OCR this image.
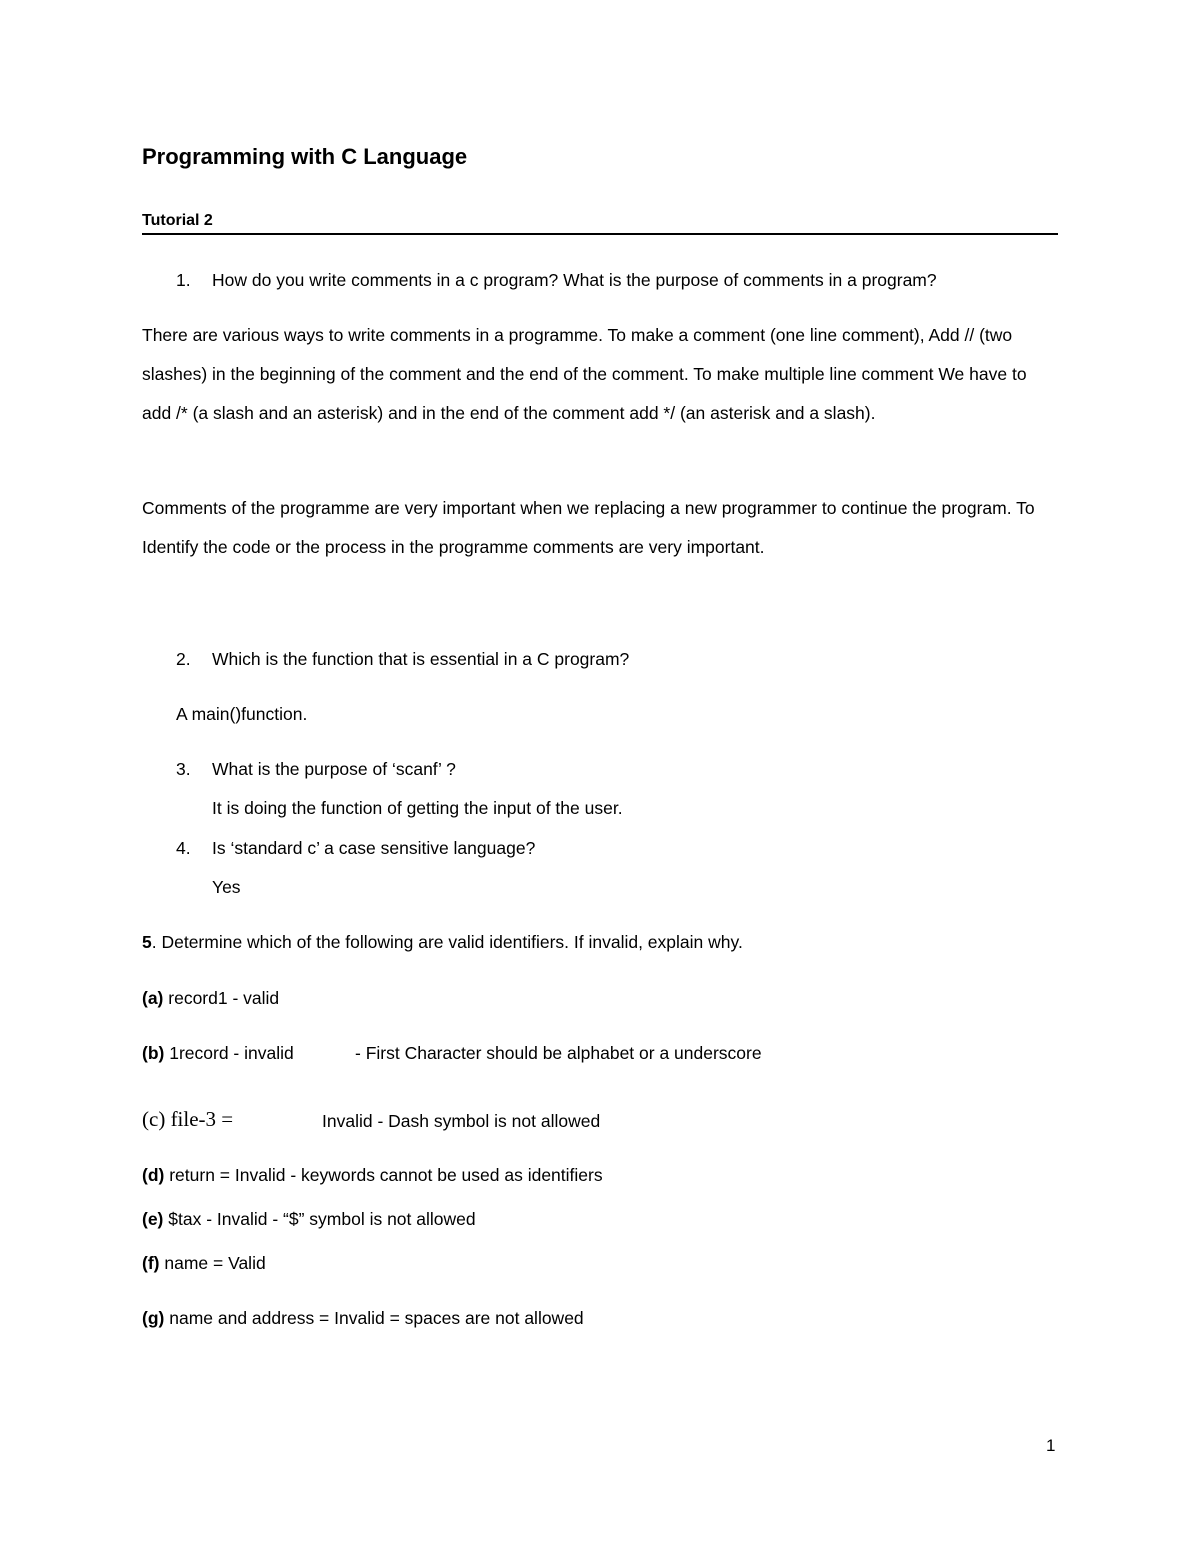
Programming with C Language
Tutorial 2
1. How do you write comments in a c program? What is the purpose of comments in a program?
There are various ways to write comments in a programme. To make a comment (one line comment), Add // (two slashes) in the beginning of the comment and the end of the comment. To make multiple line comment We have to add /* (a slash and an asterisk) and in the end of the comment add */ (an asterisk and a slash).
Comments of the programme are very important when we replacing a new programmer to continue the program. To Identify the code or the process in the programme comments are very important.
2. Which is the function that is essential in a C program?
A main()function.
3. What is the purpose of ‘scanf’ ?
It is doing the function of getting the input of the user.
4. Is ‘standard c’ a case sensitive language?
Yes
5. Determine which of the following are valid identifiers. If invalid, explain why.
(a) record1 - valid
(b) 1record - invalid	- First Character should be alphabet or a underscore
(c) file-3 =	Invalid - Dash symbol is not allowed
(d) return = Invalid - keywords cannot be used as identifiers
(e) $tax - Invalid - “$” symbol is not allowed
(f) name = Valid
(g) name and address = Invalid = spaces are not allowed
1
